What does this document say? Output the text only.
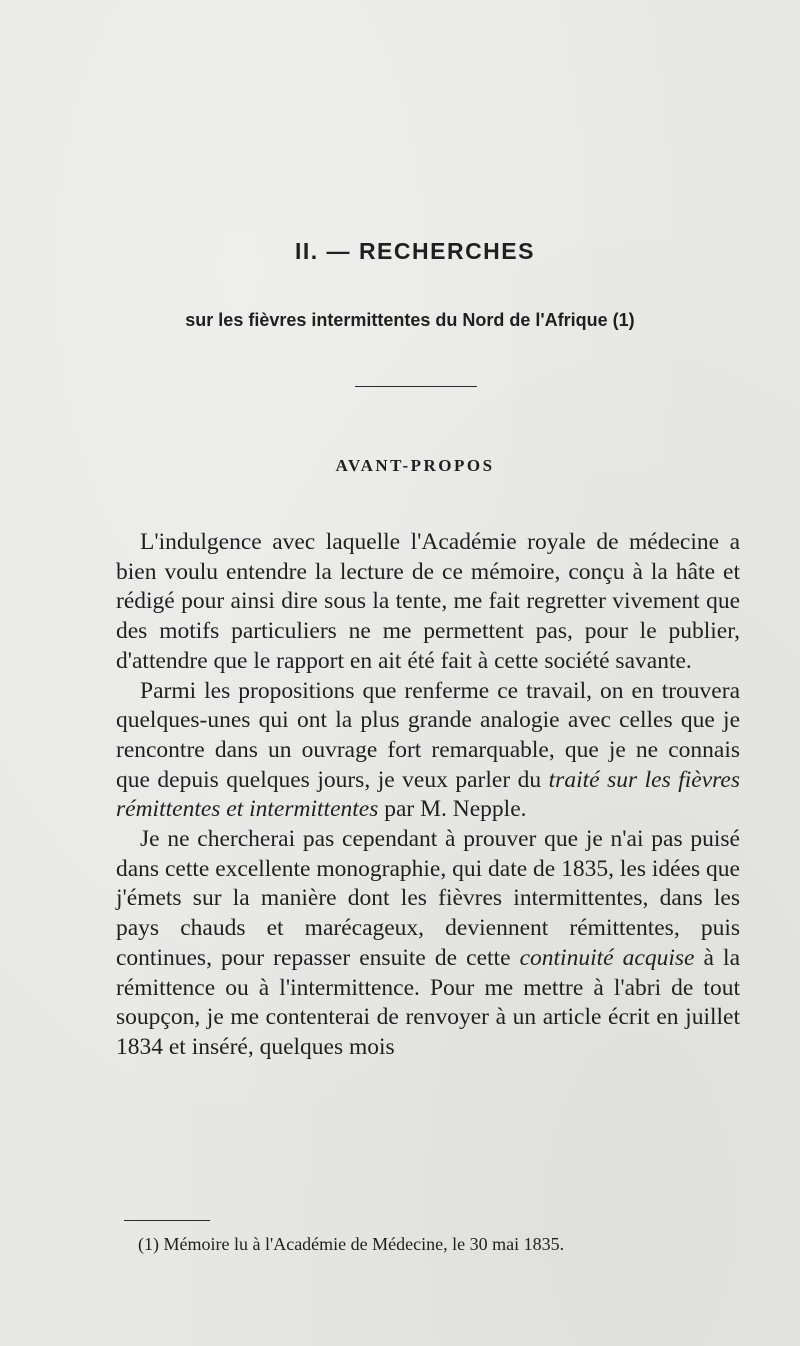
II. — RECHERCHES
sur les fièvres intermittentes du Nord de l'Afrique (1)
AVANT-PROPOS

L'indulgence avec laquelle l'Académie royale de médecine a bien voulu entendre la lecture de ce mémoire, conçu à la hâte et rédigé pour ainsi dire sous la tente, me fait regretter vivement que des motifs particuliers ne me permettent pas, pour le publier, d'attendre que le rapport en ait été fait à cette société savante.

Parmi les propositions que renferme ce travail, on en trouvera quelques-unes qui ont la plus grande analogie avec celles que je rencontre dans un ouvrage fort remarquable, que je ne connais que depuis quelques jours, je veux parler du traité sur les fièvres rémittentes et intermittentes par M. Nepple.

Je ne chercherai pas cependant à prouver que je n'ai pas puisé dans cette excellente monographie, qui date de 1835, les idées que j'émets sur la manière dont les fièvres intermittentes, dans les pays chauds et marécageux, deviennent rémittentes, puis continues, pour repasser ensuite de cette continuité acquise à la rémittence ou à l'intermittence. Pour me mettre à l'abri de tout soupçon, je me contenterai de renvoyer à un article écrit en juillet 1834 et inséré, quelques mois

(1) Mémoire lu à l'Académie de Médecine, le 30 mai 1835.
